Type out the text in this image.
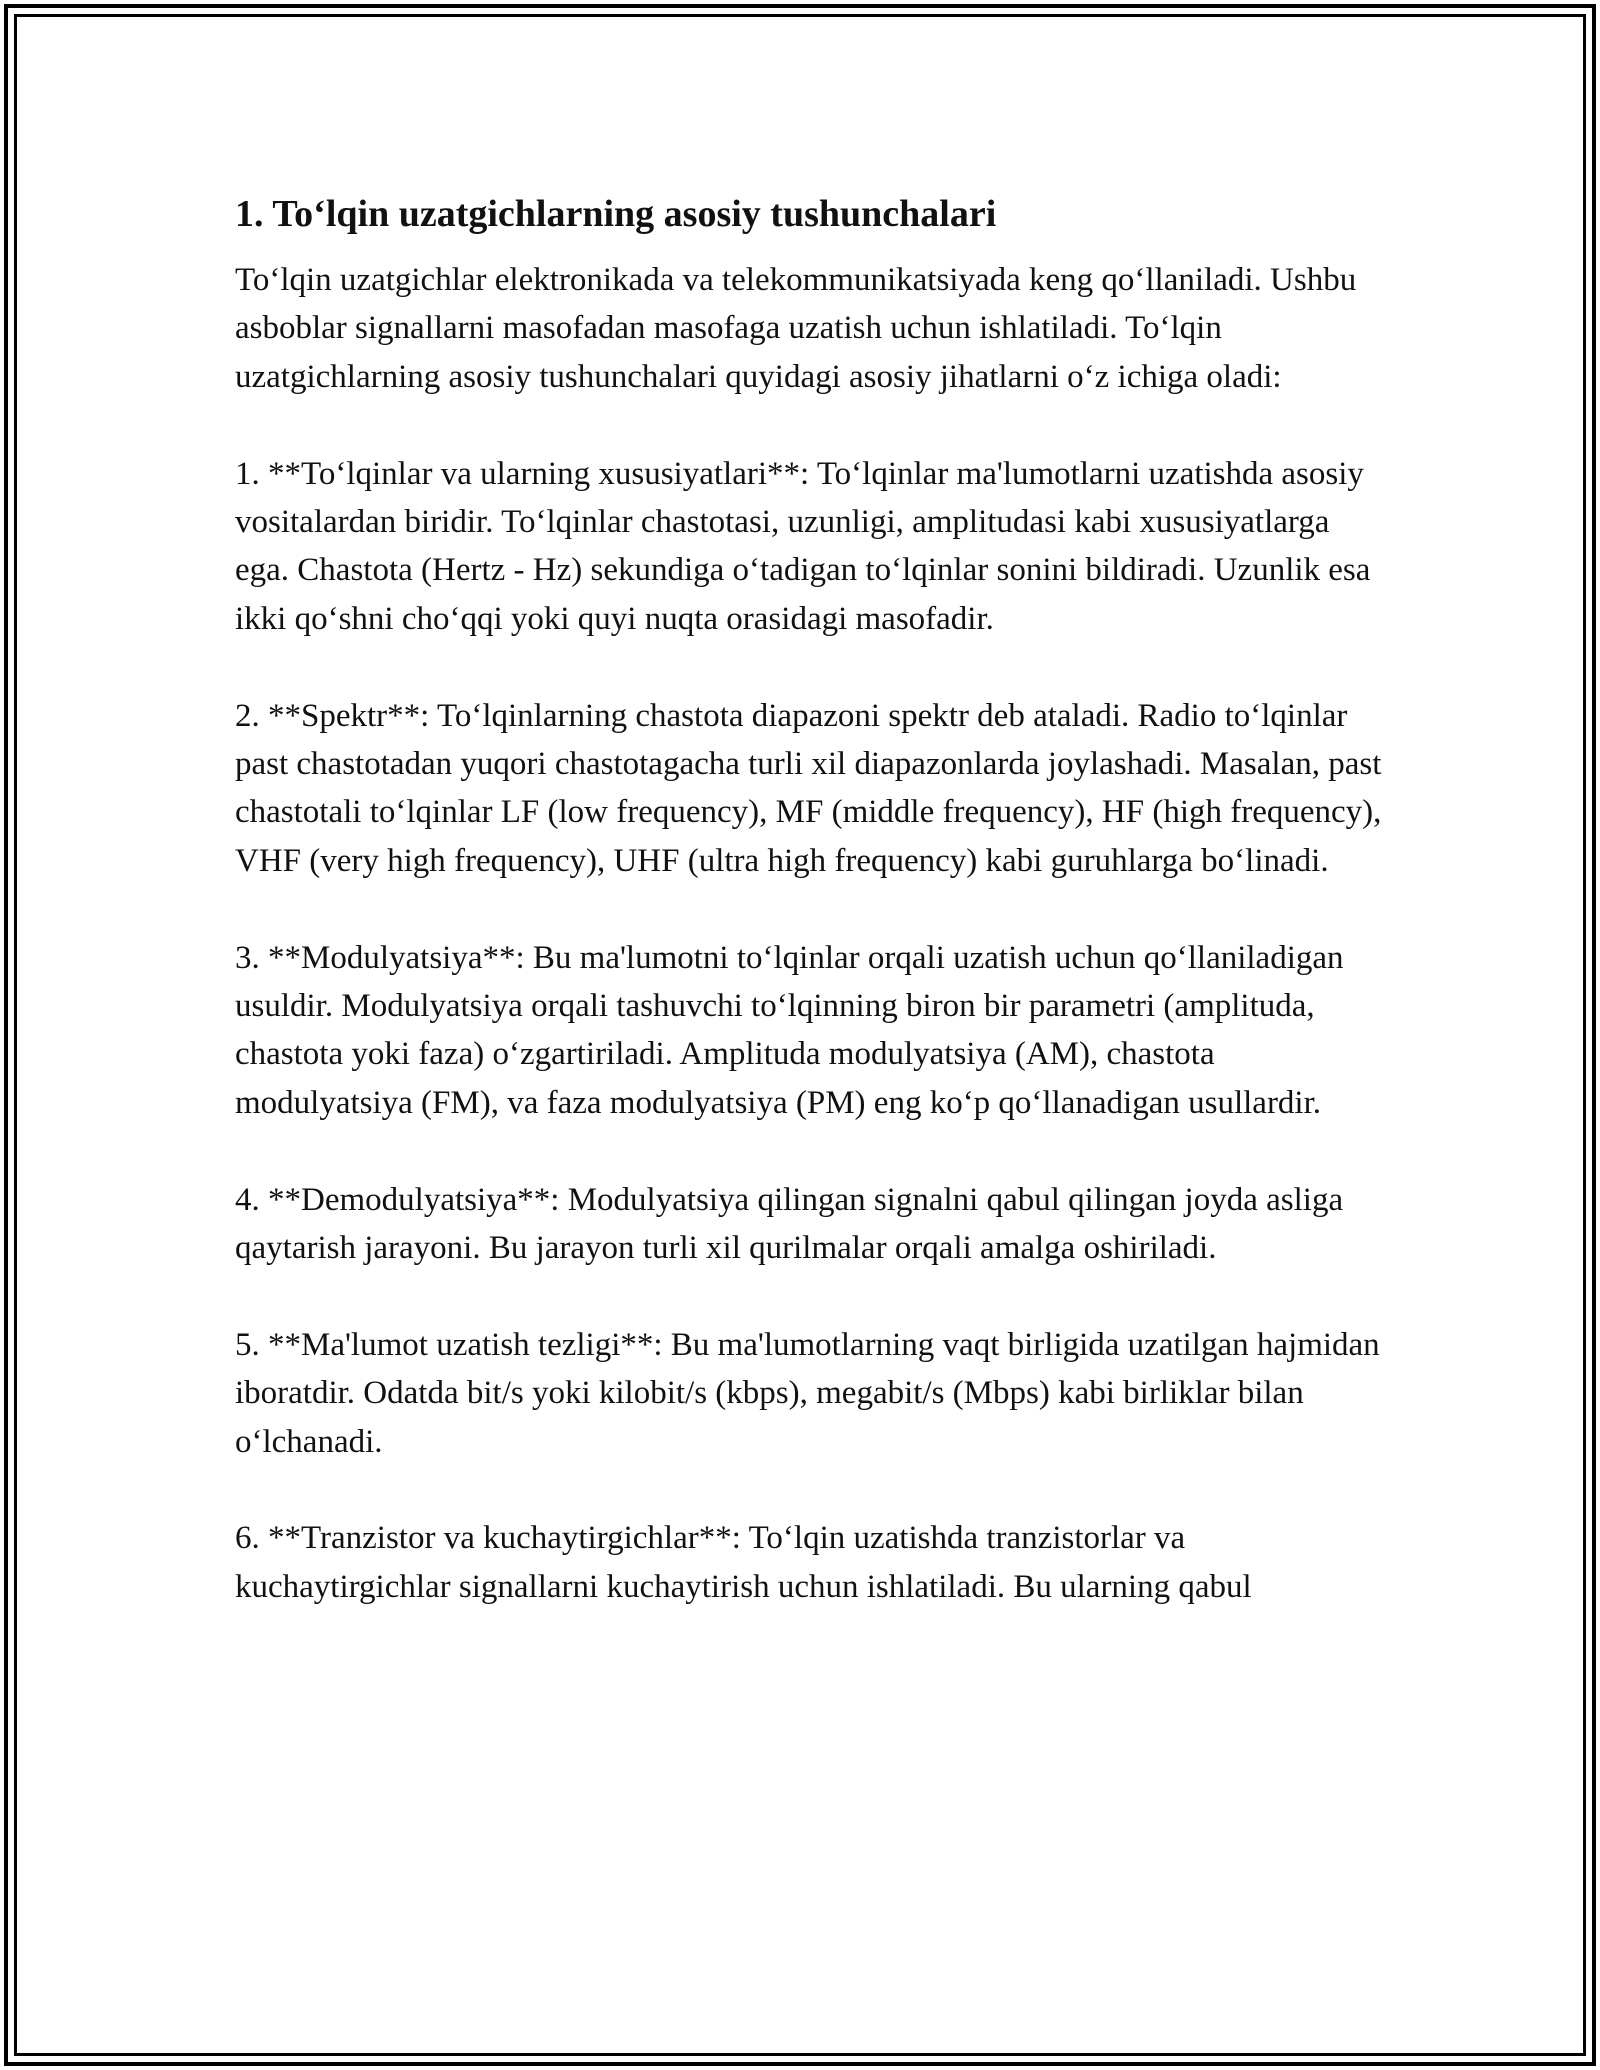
1. To‘lqin uzatgichlarning asosiy tushunchalari

To‘lqin uzatgichlar elektronikada va telekommunikatsiyada keng qo‘llaniladi. Ushbu asboblar signallarni masofadan masofaga uzatish uchun ishlatiladi. To‘lqin uzatgichlarning asosiy tushunchalari quyidagi asosiy jihatlarni o‘z ichiga oladi:

1. **To‘lqinlar va ularning xususiyatlari**: To‘lqinlar ma'lumotlarni uzatishda asosiy vositalardan biridir. To‘lqinlar chastotasi, uzunligi, amplitudasi kabi xususiyatlarga ega. Chastota (Hertz - Hz) sekundiga o‘tadigan to‘lqinlar sonini bildiradi. Uzunlik esa ikki qo‘shni cho‘qqi yoki quyi nuqta orasidagi masofadir.

2. **Spektr**: To‘lqinlarning chastota diapazoni spektr deb ataladi. Radio to‘lqinlar past chastotadan yuqori chastotagacha turli xil diapazonlarda joylashadi. Masalan, past chastotali to‘lqinlar LF (low frequency), MF (middle frequency), HF (high frequency), VHF (very high frequency), UHF (ultra high frequency) kabi guruhlarga bo‘linadi.

3. **Modulyatsiya**: Bu ma'lumotni to‘lqinlar orqali uzatish uchun qo‘llaniladigan usuldir. Modulyatsiya orqali tashuvchi to‘lqinning biron bir parametri (amplituda, chastota yoki faza) o‘zgartiriladi. Amplituda modulyatsiya (AM), chastota modulyatsiya (FM), va faza modulyatsiya (PM) eng ko‘p qo‘llanadigan usullardir.

4. **Demodulyatsiya**: Modulyatsiya qilingan signalni qabul qilingan joyda asliga qaytarish jarayoni. Bu jarayon turli xil qurilmalar orqali amalga oshiriladi.

5. **Ma'lumot uzatish tezligi**: Bu ma'lumotlarning vaqt birligida uzatilgan hajmidan iboratdir. Odatda bit/s yoki kilobit/s (kbps), megabit/s (Mbps) kabi birliklar bilan o‘lchanadi.

6. **Tranzistor va kuchaytirgichlar**: To‘lqin uzatishda tranzistorlar va kuchaytirgichlar signallarni kuchaytirish uchun ishlatiladi. Bu ularning qabul
